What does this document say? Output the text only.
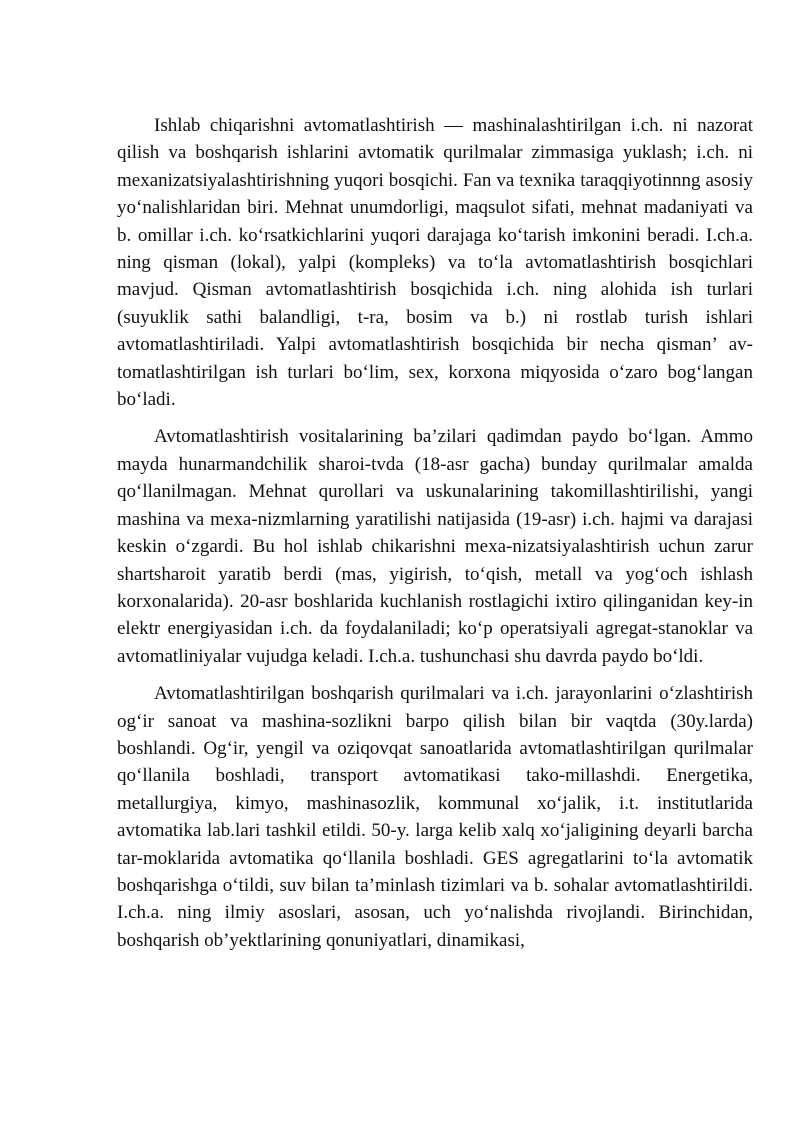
Ishlab chiqarishni avtomatlashtirish — mashinalashtirilgan i.ch. ni nazorat qilish va boshqarish ishlarini avtomatik qurilmalar zimmasiga yuklash; i.ch. ni mexanizatsiyalashtirishning yuqori bosqichi. Fan va texnika taraqqiyotinnng asosiy yo‘nalishlaridan biri. Mehnat unumdorligi, maqsulot sifati, mehnat madaniyati va b. omillar i.ch. ko‘rsatkichlarini yuqori darajaga ko‘tarish imkonini beradi. I.ch.a. ning qisman (lokal), yalpi (kompleks) va to‘la avtomatlashtirish bosqichlari mavjud. Qisman avtomatlashtirish bosqichida i.ch. ning alohida ish turlari (suyuklik sathi balandligi, t-ra, bosim va b.) ni rostlab turish ishlari avtomatlashtiriladi. Yalpi avtomatlashtirish bosqichida bir necha qisman’ av-tomatlashtirilgan ish turlari bo‘lim, sex, korxona miqyosida o‘zaro bog‘langan bo‘ladi.

Avtomatlashtirish vositalarining ba’zilari qadimdan paydo bo‘lgan. Ammo mayda hunarmandchilik sharoi-tvda (18-asr gacha) bunday qurilmalar amalda qo‘llanilmagan. Mehnat qurollari va uskunalarining takomillashtirilishi, yangi mashina va mexa-nizmlarning yaratilishi natijasida (19-asr) i.ch. hajmi va darajasi keskin o‘zgardi. Bu hol ishlab chikarishni mexa-nizatsiyalashtirish uchun zarur shartsharoit yaratib berdi (mas, yigirish, to‘qish, metall va yog‘och ishlash korxonalarida). 20-asr boshlarida kuchlanish rostlagichi ixtiro qilinganidan key-in elektr energiyasidan i.ch. da foydalaniladi; ko‘p operatsiyali agregat-stanoklar va avtomatliniyalar vujudga keladi. I.ch.a. tushunchasi shu davrda paydo bo‘ldi.

Avtomatlashtirilgan boshqarish qurilmalari va i.ch. jarayonlarini o‘zlashtirish og‘ir sanoat va mashina-sozlikni barpo qilish bilan bir vaqtda (30y.larda) boshlandi. Og‘ir, yengil va oziqovqat sanoatlarida avtomatlashtirilgan qurilmalar qo‘llanila boshladi, transport avtomatikasi tako-millashdi. Energetika, metallurgiya, kimyo, mashinasozlik, kommunal xo‘jalik, i.t. institutlarida avtomatika lab.lari tashkil etildi. 50-y. larga kelib xalq xo‘jaligining deyarli barcha tar-moklarida avtomatika qo‘llanila boshladi. GES agregatlarini to‘la avtomatik boshqarishga o‘tildi, suv bilan ta’minlash tizimlari va b. sohalar avtomatlashtirildi. I.ch.a. ning ilmiy asoslari, asosan, uch yo‘nalishda rivojlandi. Birinchidan, boshqarish ob’yektlarining qonuniyatlari, dinamikasi,
